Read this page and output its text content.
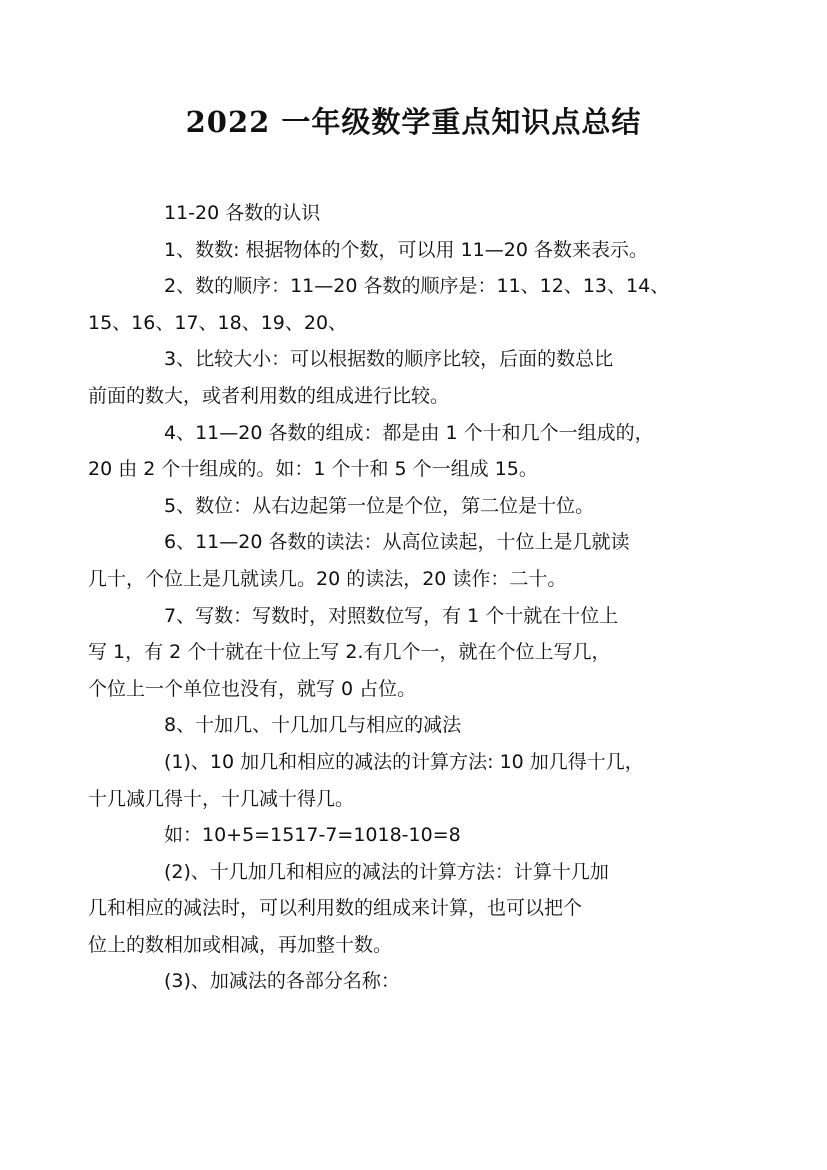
2022 一年级数学重点知识点总结

11-20 各数的认识

1、数数: 根据物体的个数，可以用 11—20 各数来表示。

2、数的顺序：11—20 各数的顺序是：11、12、13、14、
15、16、17、18、19、20、

3、比较大小：可以根据数的顺序比较，后面的数总比
前面的数大，或者利用数的组成进行比较。

4、11—20 各数的组成：都是由 1 个十和几个一组成的，
20 由 2 个十组成的。如：1 个十和 5 个一组成 15。

5、数位：从右边起第一位是个位，第二位是十位。

6、11—20 各数的读法：从高位读起，十位上是几就读
几十，个位上是几就读几。20 的读法，20 读作：二十。

7、写数：写数时，对照数位写，有 1 个十就在十位上
写 1，有 2 个十就在十位上写 2.有几个一，就在个位上写几，
个位上一个单位也没有，就写 0 占位。

8、十加几、十几加几与相应的减法

(1)、10 加几和相应的减法的计算方法: 10 加几得十几，
十几减几得十，十几减十得几。

如：10+5=1517-7=1018-10=8

(2)、十几加几和相应的减法的计算方法：计算十几加
几和相应的减法时，可以利用数的组成来计算，也可以把个
位上的数相加或相减，再加整十数。

(3)、加减法的各部分名称：
